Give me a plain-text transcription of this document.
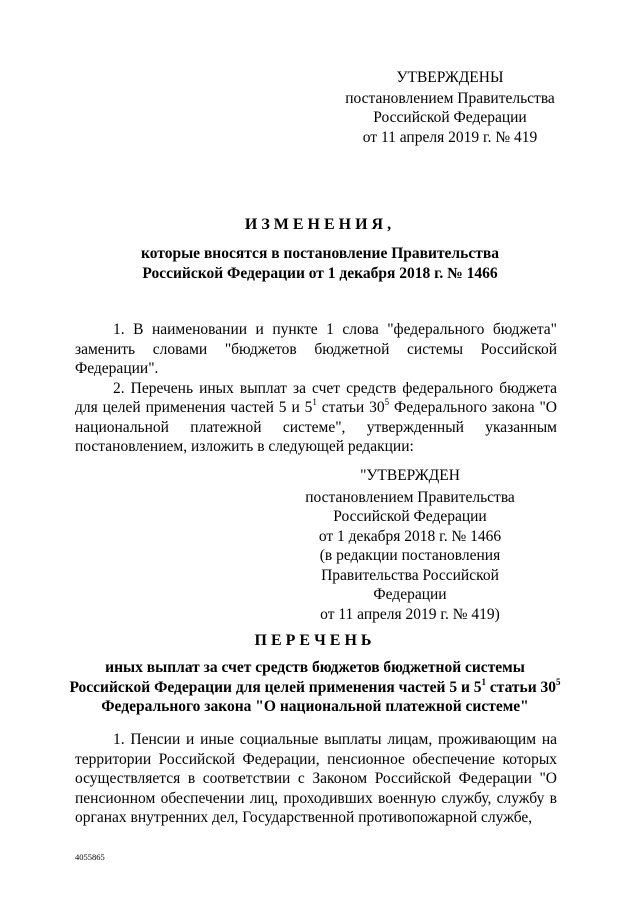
УТВЕРЖДЕНЫ
постановлением Правительства
Российской Федерации
от 11 апреля 2019 г. № 419
ИЗМЕНЕНИЯ,
которые вносятся в постановление Правительства
Российской Федерации от 1 декабря 2018 г. № 1466

1. В наименовании и пункте 1 слова "федерального бюджета" заменить словами "бюджетов бюджетной системы Российской Федерации".

2. Перечень иных выплат за счет средств федерального бюджета для целей применения частей 5 и $5^1$ статьи $30^5$ Федерального закона "О национальной платежной системе", утвержденный указанным постановлением, изложить в следующей редакции:

"УТВЕРЖДЕН
постановлением Правительства
Российской Федерации
от 1 декабря 2018 г. № 1466
(в редакции постановления
Правительства Российской Федерации
от 11 апреля 2019 г. № 419)
ПЕРЕЧЕНЬ
иных выплат за счет средств бюджетов бюджетной системы
Российской Федерации для целей применения частей 5 и $5^1$ статьи $30^5$
Федерального закона "О национальной платежной системе"

1. Пенсии и иные социальные выплаты лицам, проживающим на территории Российской Федерации, пенсионное обеспечение которых осуществляется в соответствии с Законом Российской Федерации "О пенсионном обеспечении лиц, проходивших военную службу, службу в органах внутренних дел, Государственной противопожарной службе,

4055865
